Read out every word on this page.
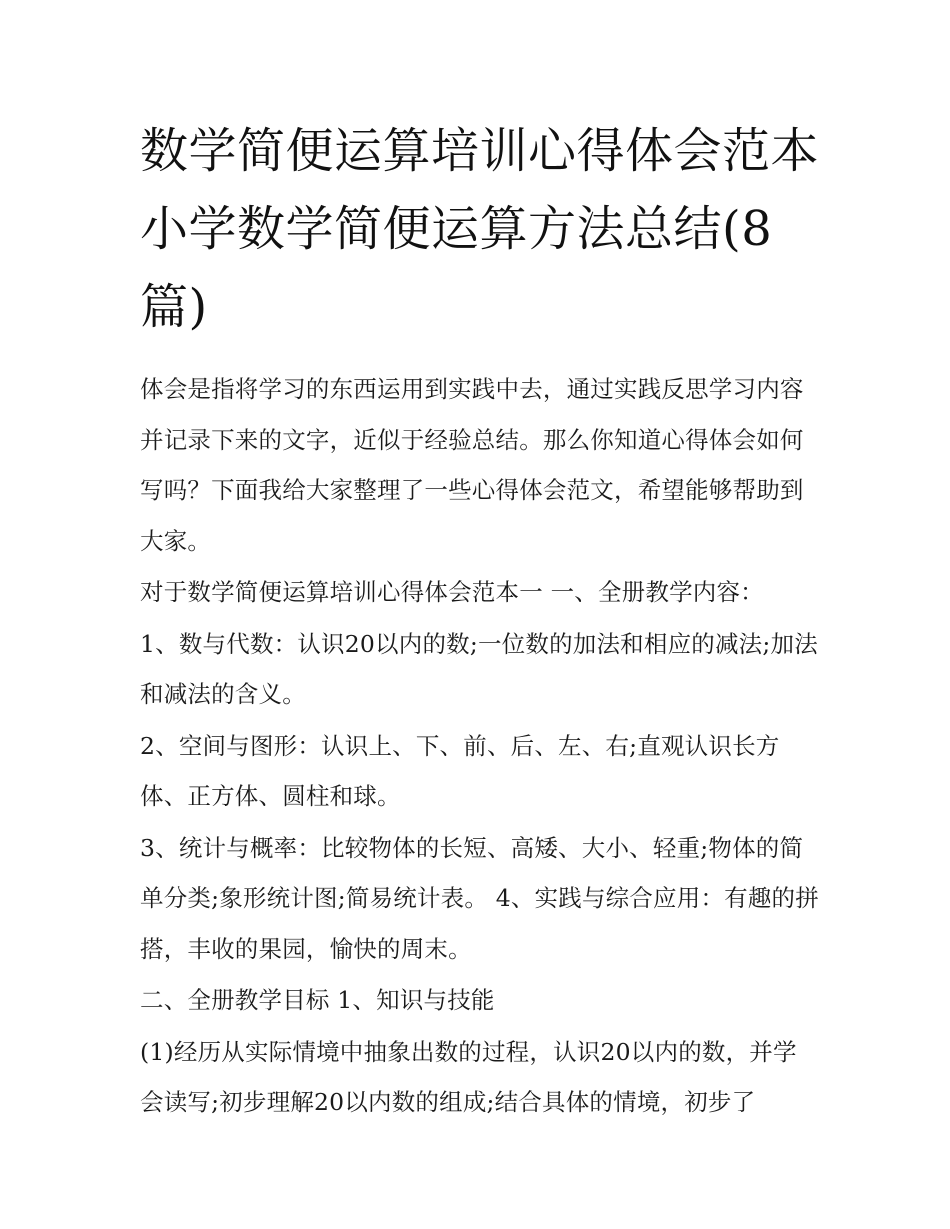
数学简便运算培训心得体会范本 小学数学简便运算方法总结(8篇)

体会是指将学习的东西运用到实践中去，通过实践反思学习内容并记录下来的文字，近似于经验总结。那么你知道心得体会如何写吗？下面我给大家整理了一些心得体会范文，希望能够帮助到大家。

对于数学简便运算培训心得体会范本一 一、全册教学内容：

1、数与代数：认识20以内的数;一位数的加法和相应的减法;加法和减法的含义。

2、空间与图形：认识上、下、前、后、左、右;直观认识长方体、正方体、圆柱和球。

3、统计与概率：比较物体的长短、高矮、大小、轻重;物体的简单分类;象形统计图;简易统计表。 4、实践与综合应用：有趣的拼搭，丰收的果园，愉快的周末。

二、全册教学目标 1、知识与技能

(1)经历从实际情境中抽象出数的过程，认识20以内的数，并学会读写;初步理解20以内数的组成;结合具体的情境，初步了
